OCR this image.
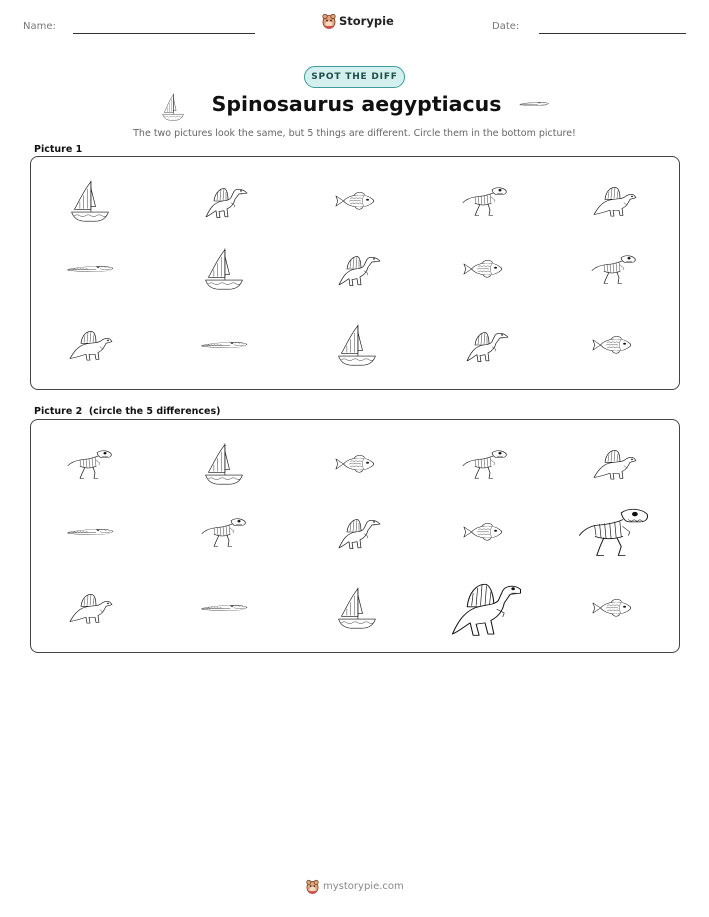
Name:	Date:
Storypie
SPOT THE DIFF
Spinosaurus aegyptiacus
The two pictures look the same, but 5 things are different. Circle them in the bottom picture!
Picture 1
Picture 2  (circle the 5 differences)
mystorypie.com
